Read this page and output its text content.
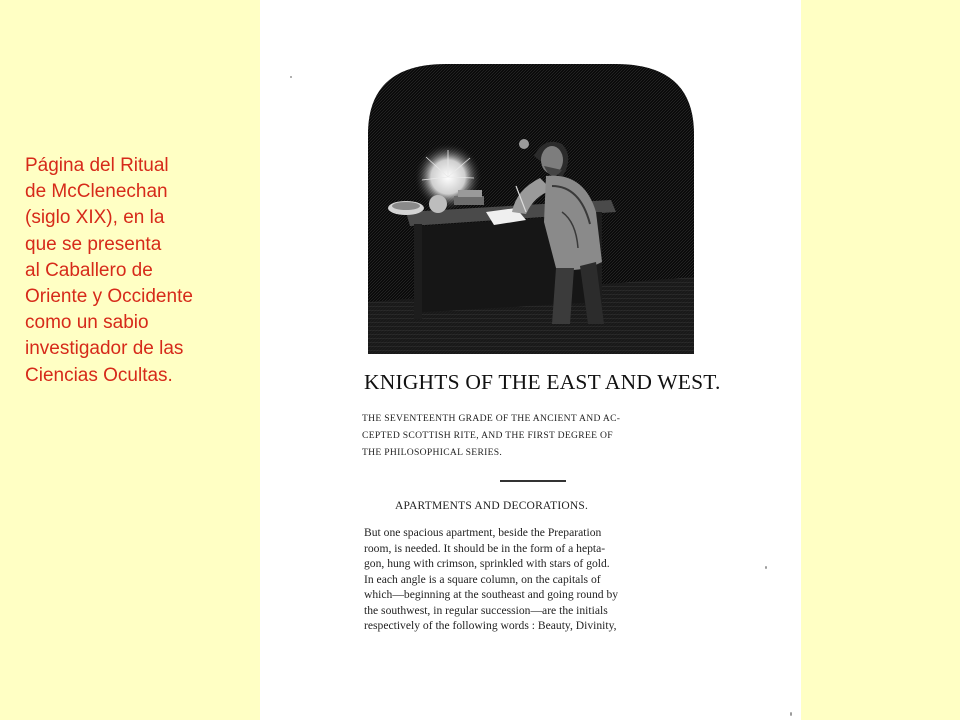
Página del Ritual
de McClenechan
(siglo XIX), en la
que se presenta
al Caballero de
Oriente y Occidente
como un sabio
investigador de las
Ciencias Ocultas.	KNIGHTS OF THE EAST AND WEST.
THE SEVENTEENTH GRADE OF THE ANCIENT AND AC-
CEPTED SCOTTISH RITE, AND THE FIRST DEGREE OF
THE PHILOSOPHICAL SERIES.
APARTMENTS AND DECORATIONS.
But one spacious apartment, beside the Preparation
room, is needed. It should be in the form of a hepta-
gon, hung with crimson, sprinkled with stars of gold.
In each angle is a square column, on the capitals of
which—beginning at the southeast and going round by
the southwest, in regular succession—are the initials
respectively of the following words : Beauty, Divinity,
